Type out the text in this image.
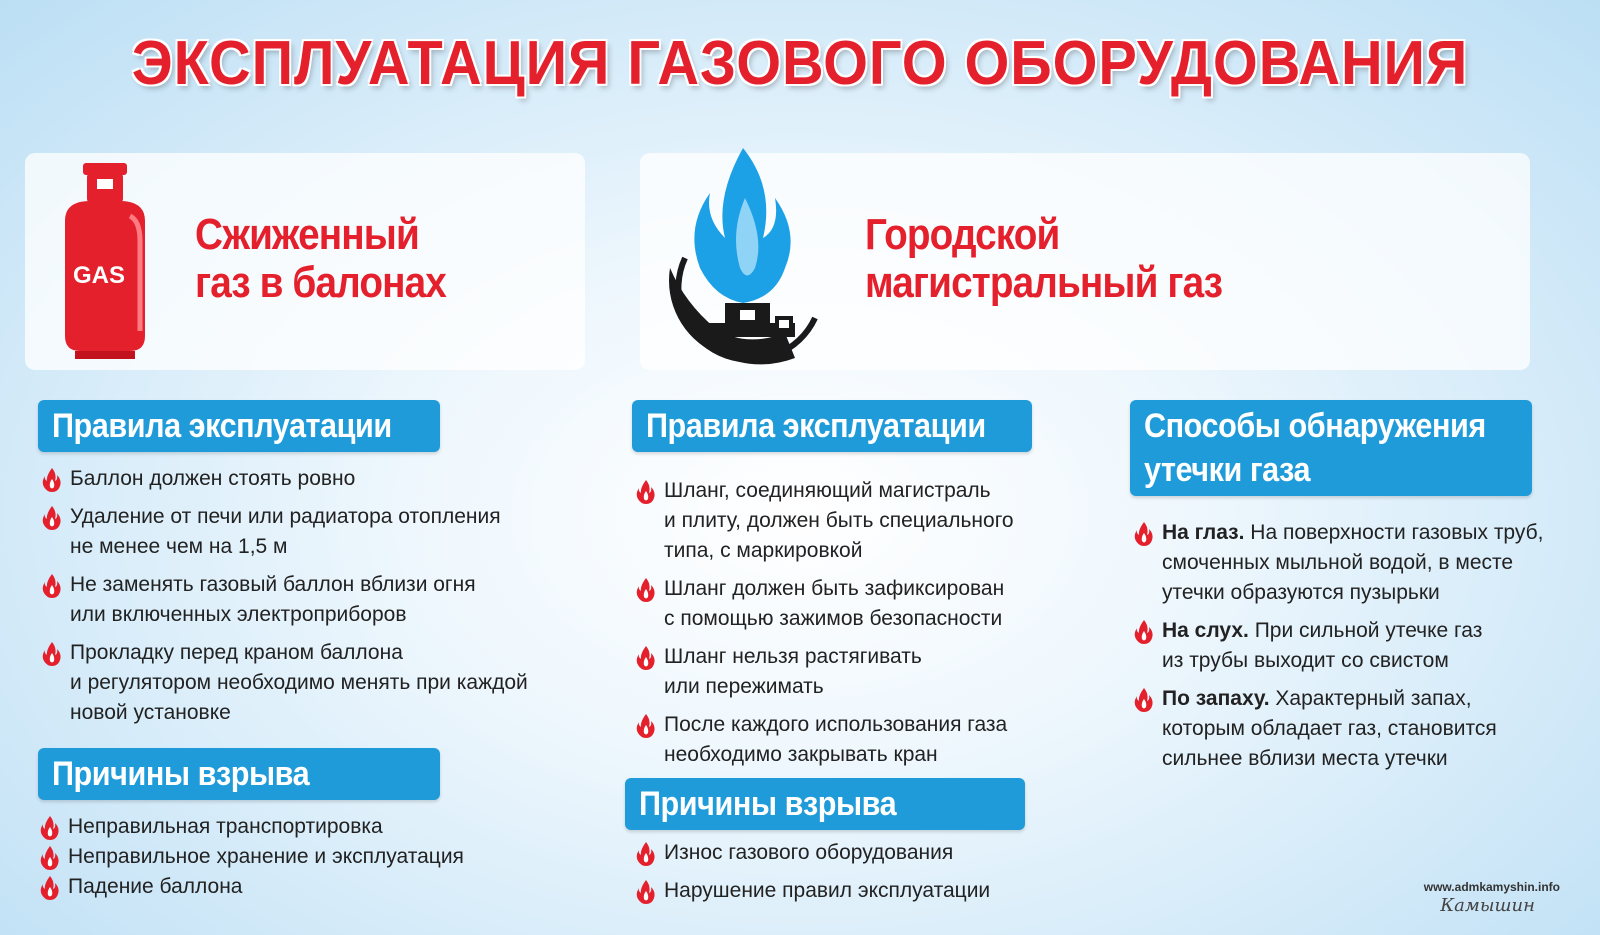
ЭКСПЛУАТАЦИЯ ГАЗОВОГО ОБОРУДОВАНИЯ
GAS
Сжиженный
газ в балонах
Городской
магистральный газ
Правила эксплуатации
Баллон должен стоять ровно
Удаление от печи или радиатора отопления
не менее чем на 1,5 м
Не заменять газовый баллон вблизи огня
или включенных электроприборов
Прокладку перед краном баллона
и регулятором необходимо менять при каждой
новой установке
Причины взрыва
Неправильная транспортировка
Неправильное хранение и эксплуатация
Падение баллона
Правила эксплуатации
Шланг, соединяющий магистраль
и плиту, должен быть специального
типа, с маркировкой
Шланг должен быть зафиксирован
с помощью зажимов безопасности
Шланг нельзя растягивать
или пережимать
После каждого использования газа
необходимо закрывать кран
Причины взрыва
Износ газового оборудования
Нарушение правил эксплуатации
Способы обнаружения
утечки газа
На глаз. На поверхности газовых труб,
смоченных мыльной водой, в месте
утечки образуются пузырьки
На слух. При сильной утечке газ
из трубы выходит со свистом
По запаху. Характерный запах,
которым обладает газ, становится
сильнее вблизи места утечки
www.admkamyshin.info
Камышин
